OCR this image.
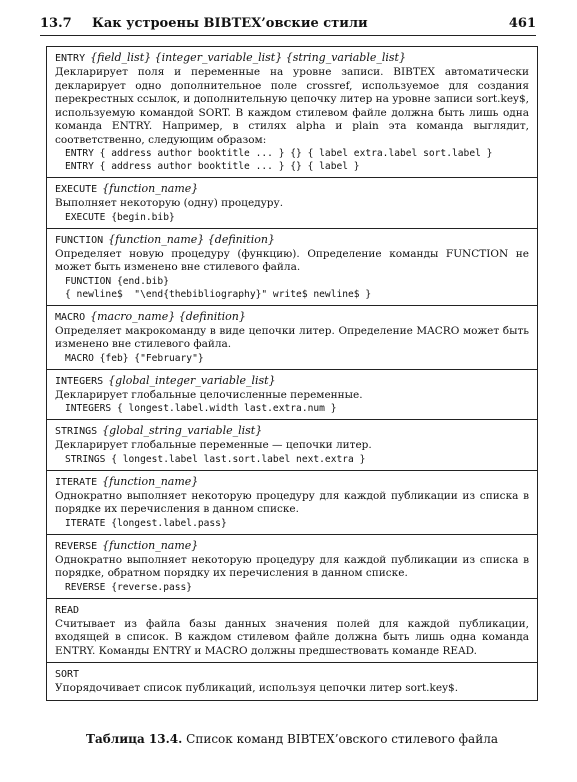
13.7 Как устроены BIBTEX’овские стили	461
ENTRY {field_list} {integer_variable_list} {string_variable_list}
Декларирует поля и переменные на уровне записи. BIBTEX автоматически декларирует одно дополнительное поле crossref, используемое для создания перекрестных ссылок, и дополнительную цепочку литер на уровне записи sort.key$, используемую командой SORT. В каждом стилевом файле должна быть лишь одна команда ENTRY. Например, в стилях alpha и plain эта команда выглядит, соответственно, следующим образом:
ENTRY { address author booktitle ... } {} { label extra.label sort.label }
ENTRY { address author booktitle ... } {} { label }
EXECUTE {function_name}
Выполняет некоторую (одну) процедуру.
EXECUTE {begin.bib}
FUNCTION {function_name} {definition}
Определяет новую процедуру (функцию). Определение команды FUNCTION не может быть изменено вне стилевого файла.
FUNCTION {end.bib}
{ newline$  "\end{thebibliography}" write$ newline$ }
MACRO {macro_name} {definition}
Определяет макрокоманду в виде цепочки литер. Определение MACRO может быть изменено вне стилевого файла.
MACRO {feb} {"February"}
INTEGERS {global_integer_variable_list}
Декларирует глобальные целочисленные переменные.
INTEGERS { longest.label.width last.extra.num }
STRINGS {global_string_variable_list}
Декларирует глобальные переменные — цепочки литер.
STRINGS { longest.label last.sort.label next.extra }
ITERATE {function_name}
Однократно выполняет некоторую процедуру для каждой публикации из списка в порядке их перечисления в данном списке.
ITERATE {longest.label.pass}
REVERSE {function_name}
Однократно выполняет некоторую процедуру для каждой публикации из списка в порядке, обратном порядку их перечисления в данном списке.
REVERSE {reverse.pass}
READ
Считывает из файла базы данных значения полей для каждой публикации, входящей в список. В каждом стилевом файле должна быть лишь одна команда ENTRY. Команды ENTRY и MACRO должны предшествовать команде READ.
SORT
Упорядочивает список публикаций, используя цепочки литер sort.key$.
Таблица 13.4. Список команд BIBTEX’овского стилевого файла
